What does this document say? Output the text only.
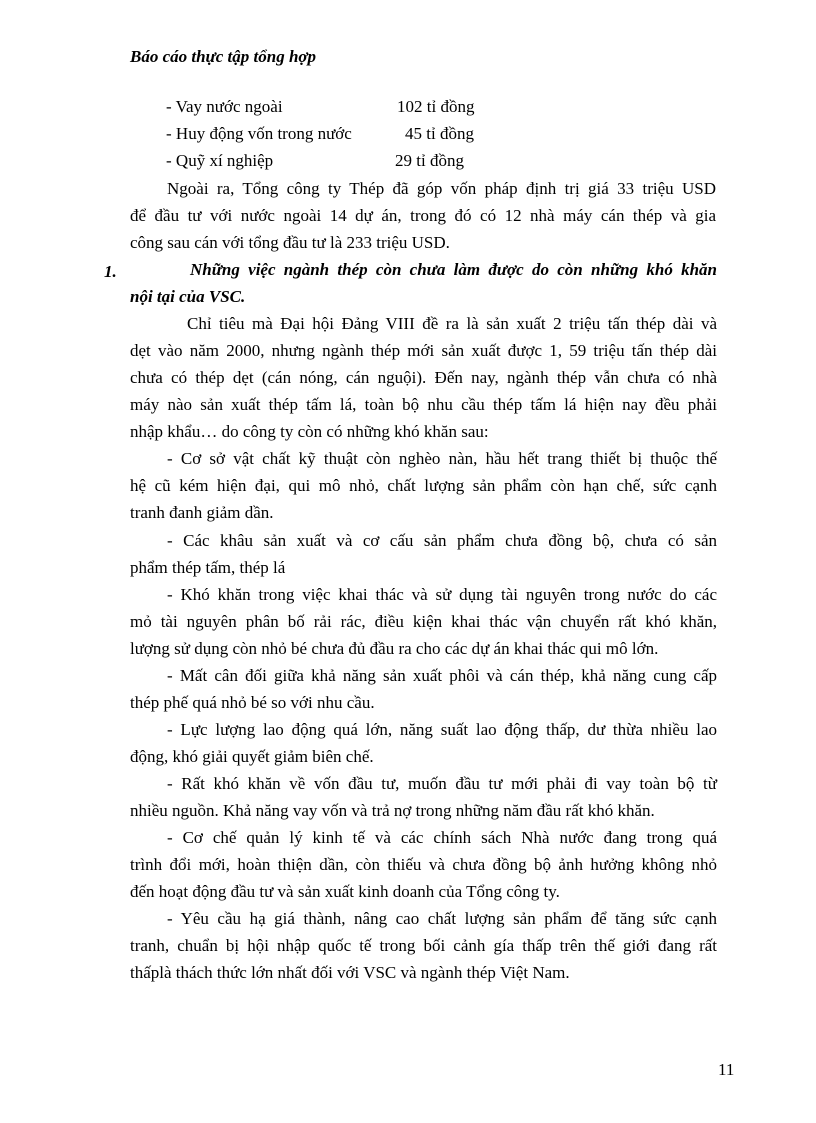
Báo cáo thực tập tổng hợp
- Vay nước ngoài	102 tỉ đồng
- Huy động vốn trong nước	45 tỉ đồng
- Quỹ xí nghiệp	29 tỉ đồng
Ngoài ra, Tổng công ty Thép đã góp vốn pháp định trị giá 33 triệu USD
để đầu tư với nước ngoài 14 dự án, trong đó có 12 nhà máy cán thép và gia
công sau cán với tổng đầu tư là 233 triệu USD.
1.	Những việc ngành thép còn chưa làm được do còn những khó khăn
nội tại của VSC.
Chỉ tiêu mà Đại hội Đảng VIII đề ra là sản xuất 2 triệu tấn thép dài và
dẹt vào năm 2000, nhưng ngành thép mới sản xuất được 1, 59 triệu tấn thép dài
chưa có thép dẹt (cán nóng, cán nguội). Đến nay, ngành thép vẫn chưa có nhà
máy nào sản xuất thép tấm lá, toàn bộ nhu cầu thép tấm lá hiện nay đều phải
nhập khẩu… do công ty còn có những khó khăn sau:
- Cơ sở vật chất kỹ thuật còn nghèo nàn, hầu hết trang thiết bị thuộc thế
hệ cũ kém hiện đại, qui mô nhỏ, chất lượng sản phẩm còn hạn chế, sức cạnh
tranh đanh giảm dần.
- Các khâu sản xuất và cơ cấu sản phẩm chưa đồng bộ, chưa có sản
phẩm thép tấm, thép lá
- Khó khăn trong việc khai thác và sử dụng tài nguyên trong nước do các
mỏ tài nguyên phân bố rải rác, điều kiện khai thác vận chuyển rất khó khăn,
lượng sử dụng còn nhỏ bé chưa đủ đầu ra cho các dự án khai thác qui mô lớn.
- Mất cân đối giữa khả năng sản xuất phôi và cán thép, khả năng cung cấp
thép phế quá nhỏ bé so với nhu cầu.
- Lực lượng lao động quá lớn, năng suất lao động thấp, dư thừa nhiều lao
động, khó giải quyết giảm biên chế.
- Rất khó khăn về vốn đầu tư, muốn đầu tư mới phải đi vay toàn bộ từ
nhiều nguồn. Khả năng vay vốn và trả nợ trong những năm đầu rất khó khăn.
- Cơ chế quản lý kinh tế và các chính sách Nhà nước đang trong quá
trình đổi mới, hoàn thiện dần, còn thiếu và chưa đồng bộ ảnh hưởng không nhỏ
đến hoạt động đầu tư và sản xuất kinh doanh của Tổng công ty.
- Yêu cầu hạ giá thành, nâng cao chất lượng sản phẩm để tăng sức cạnh
tranh, chuẩn bị hội nhập quốc tế trong bối cảnh gía thấp trên thế giới đang rất
thấplà thách thức lớn nhất đối với VSC và ngành thép Việt Nam.
11
